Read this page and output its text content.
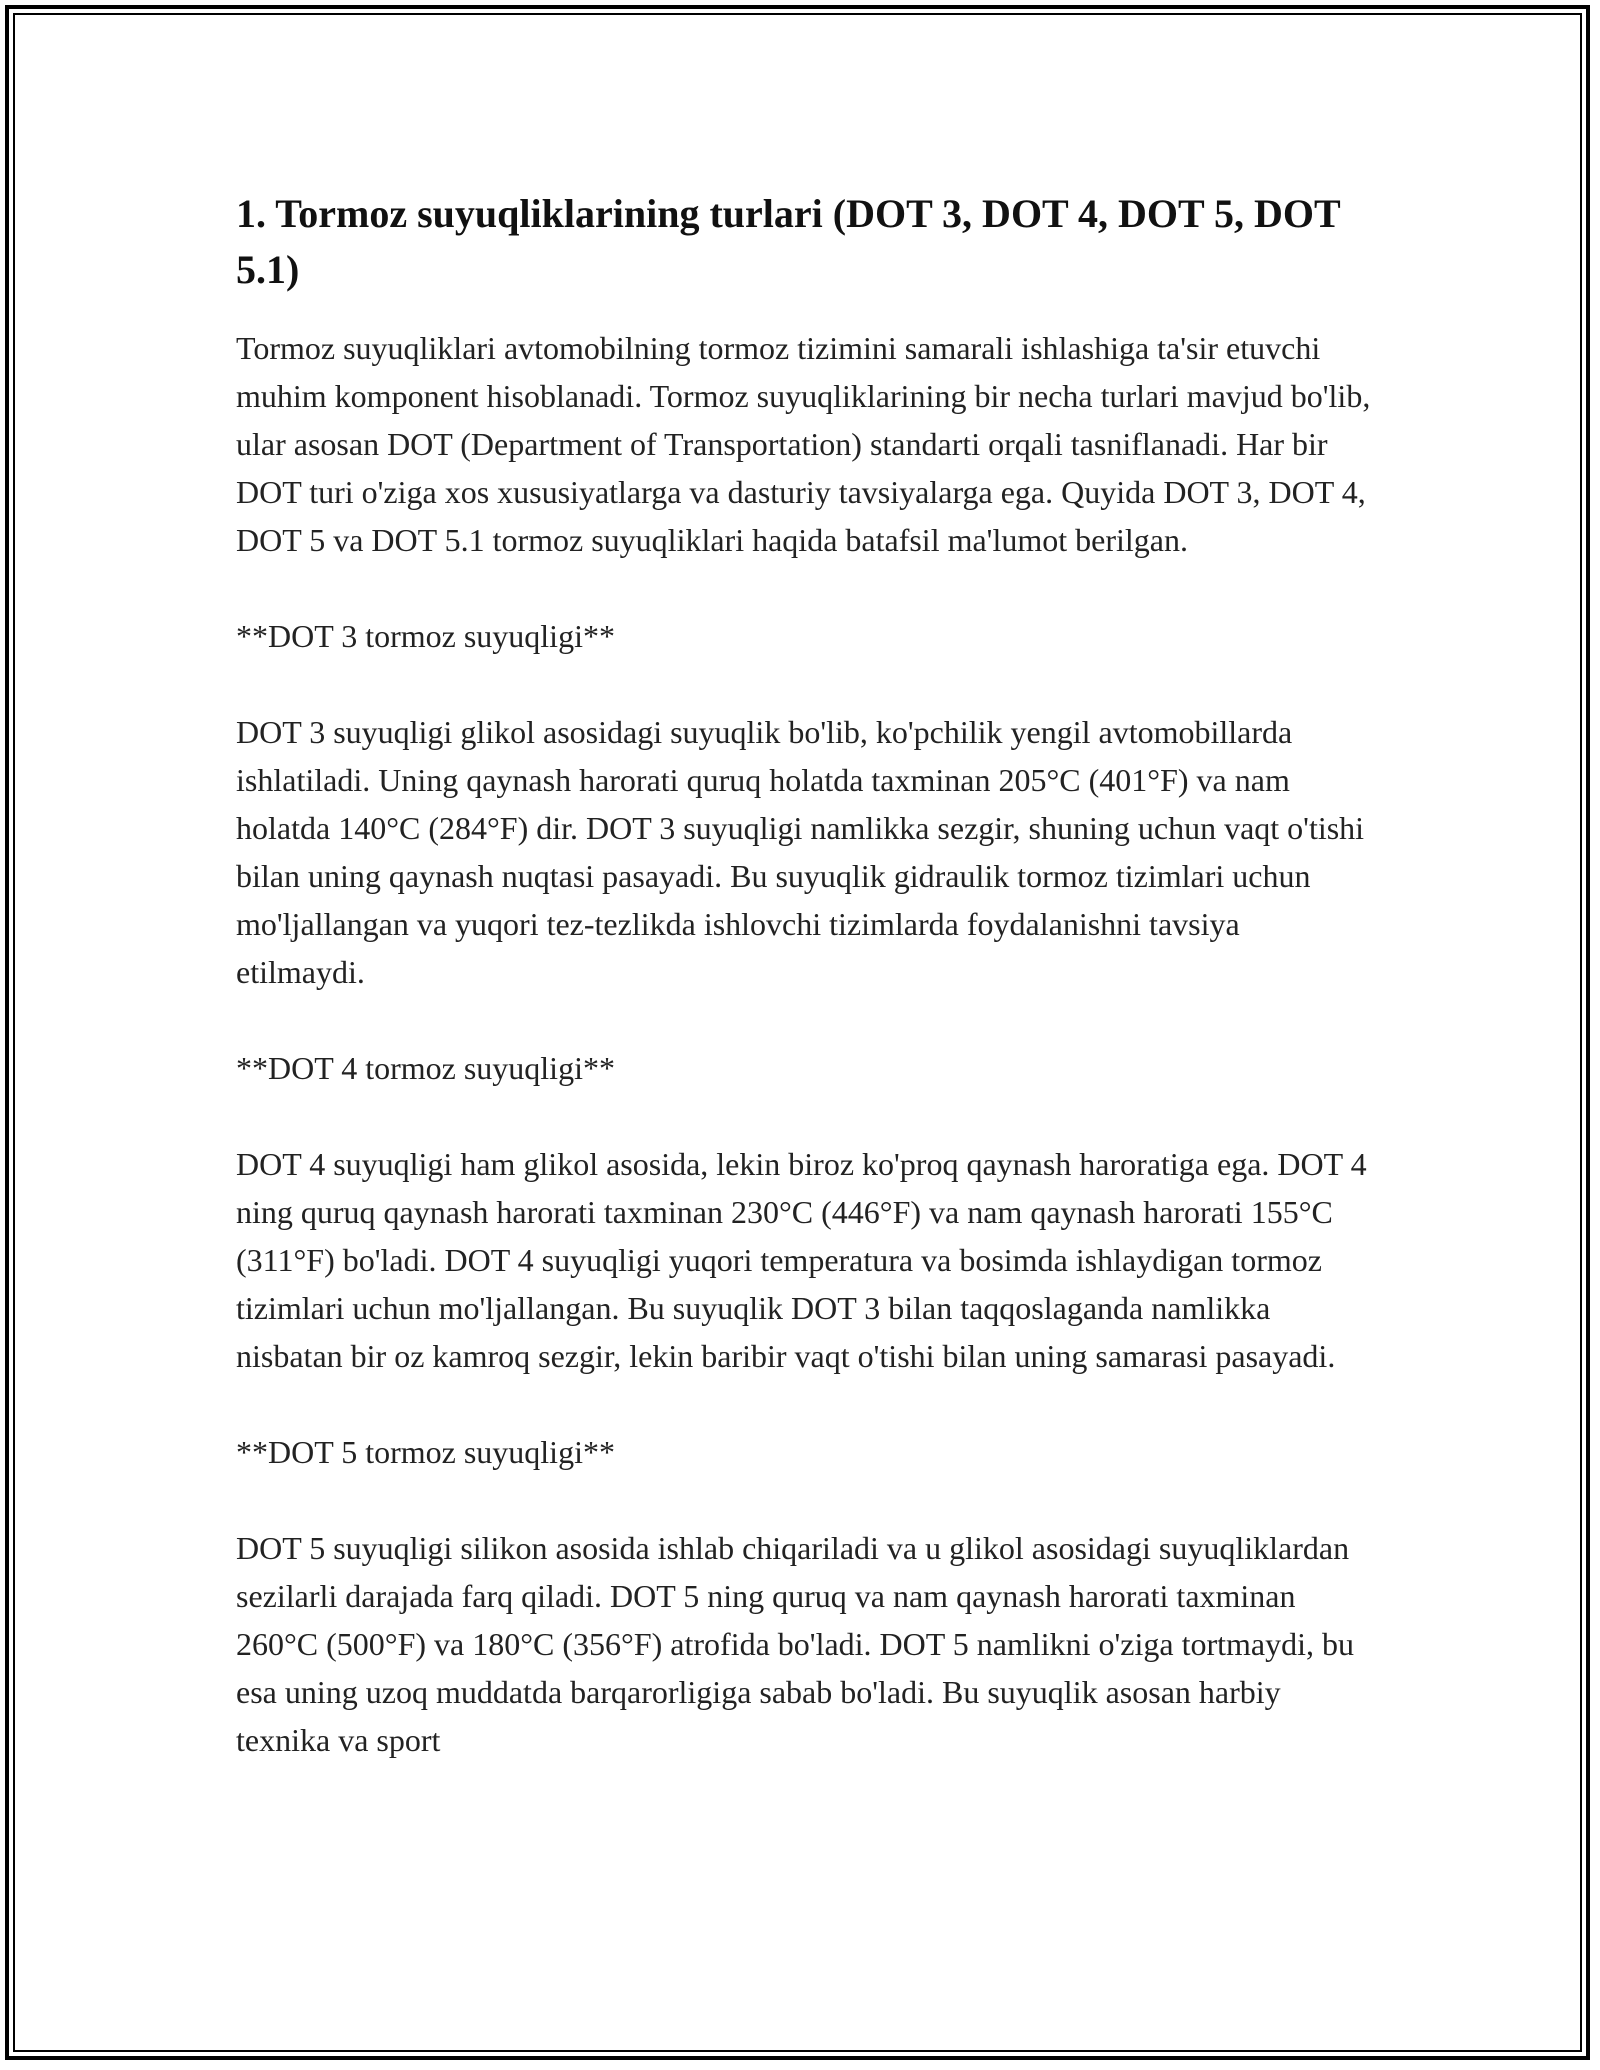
1. Tormoz suyuqliklarining turlari (DOT 3, DOT 4, DOT 5, DOT 5.1)

Tormoz suyuqliklari avtomobilning tormoz tizimini samarali ishlashiga ta'sir etuvchi muhim komponent hisoblanadi. Tormoz suyuqliklarining bir necha turlari mavjud bo'lib, ular asosan DOT (Department of Transportation) standarti orqali tasniflanadi. Har bir DOT turi o'ziga xos xususiyatlarga va dasturiy tavsiyalarga ega. Quyida DOT 3, DOT 4, DOT 5 va DOT 5.1 tormoz suyuqliklari haqida batafsil ma'lumot berilgan.

**DOT 3 tormoz suyuqligi**

DOT 3 suyuqligi glikol asosidagi suyuqlik bo'lib, ko'pchilik yengil avtomobillarda ishlatiladi. Uning qaynash harorati quruq holatda taxminan 205°C (401°F) va nam holatda 140°C (284°F) dir. DOT 3 suyuqligi namlikka sezgir, shuning uchun vaqt o'tishi bilan uning qaynash nuqtasi pasayadi. Bu suyuqlik gidraulik tormoz tizimlari uchun mo'ljallangan va yuqori tez-tezlikda ishlovchi tizimlarda foydalanishni tavsiya etilmaydi.

**DOT 4 tormoz suyuqligi**

DOT 4 suyuqligi ham glikol asosida, lekin biroz ko'proq qaynash haroratiga ega. DOT 4 ning quruq qaynash harorati taxminan 230°C (446°F) va nam qaynash harorati 155°C (311°F) bo'ladi. DOT 4 suyuqligi yuqori temperatura va bosimda ishlaydigan tormoz tizimlari uchun mo'ljallangan. Bu suyuqlik DOT 3 bilan taqqoslaganda namlikka nisbatan bir oz kamroq sezgir, lekin baribir vaqt o'tishi bilan uning samarasi pasayadi.

**DOT 5 tormoz suyuqligi**

DOT 5 suyuqligi silikon asosida ishlab chiqariladi va u glikol asosidagi suyuqliklardan sezilarli darajada farq qiladi. DOT 5 ning quruq va nam qaynash harorati taxminan 260°C (500°F) va 180°C (356°F) atrofida bo'ladi. DOT 5 namlikni o'ziga tortmaydi, bu esa uning uzoq muddatda barqarorligiga sabab bo'ladi. Bu suyuqlik asosan harbiy texnika va sport
